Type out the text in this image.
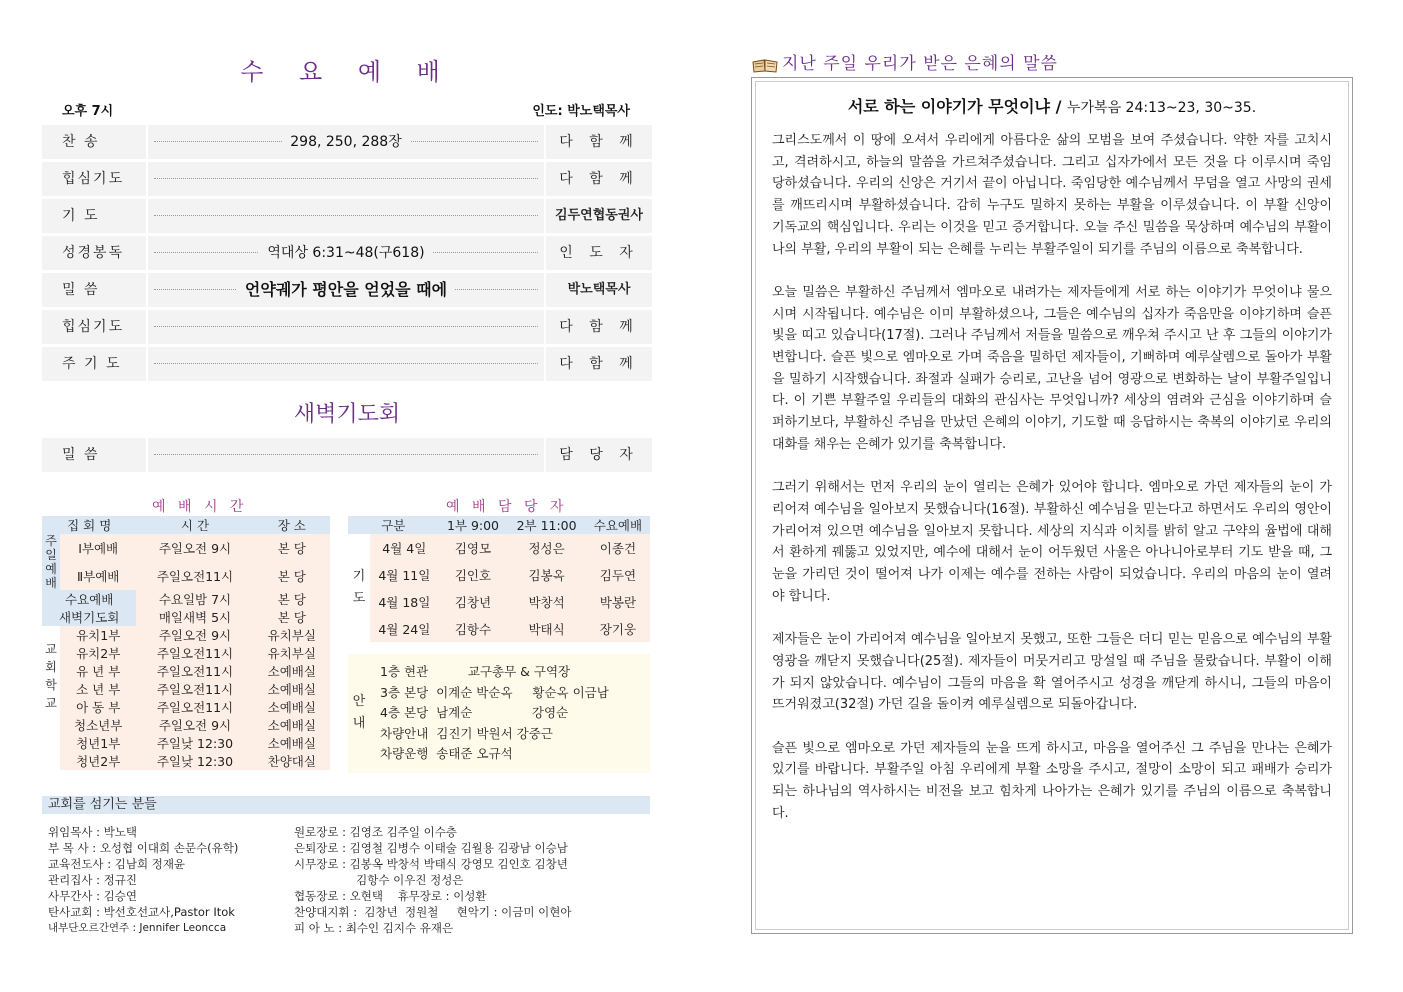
수 요 예 배
오후 7시	인도: 박노택목사
찬 송	298, 250, 288장	다 함 께
힙심기도	다 함 께
기 도	김두연협동권사
성경봉독	역대상 6:31~48(구618)	인 도 자
밀 씀	언약궤가 평안을 얻었을 때에	박노택목사
힙심기도	다 함 께
주 기 도	다 함 께
새벽기도회
밀 씀	담 당 자
예 배 시 간	예 배 담 당 자
집 회 명		시 간	장 소
주일예배	Ⅰ부예배	주일오전 9시	본 당
	Ⅱ부예배	주일오전11시	본 당
수요예배		수요일밤 7시	본 당
새벽기도회		매일새벽 5시	본 당
교회학교	유치1부	주일오전 9시	유치부실
	유치2부	주일오전11시	유치부실
	유 년 부	주일오전11시	소예배실
	소 년 부	주일오전11시	소예배실
	아 동 부	주일오전11시	소예배실
	청소년부	주일오전 9시	소예배실
	청년1부	주일낮 12:30	소예배실
	청년2부	주일낮 12:30	찬양대실
구분		1부 9:00	2부 11:00	수요예배
기도	4월 4일	김영모	정성은	이종건
	4월 11일	김인호	김봉옥	김두연
	4월 18일	김창년	박창석	박봉란
	4월 24일	김항수	박태식	장기웅

안내	1층 현관          교구총무 & 구역장
3층 본당  이계순 박순옥     황순옥 이금남
4층 본당  남계순               강영순
차량안내  김진기 박원서 강중근
차량운행  송태준 오규석			
교회를 섬기는 분들
위임목사 : 박노택
부 목 사 : 오성협 이대희 손문수(유학)
교육전도사 : 김남희 정재윤
관리집사 : 정규진
사무간사 : 김승연
탄사교회 : 박선호선교사,Pastor Itok
내부단오르간연주 : Jennifer Leoncca
원로장로 : 김영조 김주일 이수층
은퇴장로 : 김영철 김병수 이태술 김월용 김광남 이승남
시무장로 : 김봉옥 박창석 박태식 강영모 김인호 김창년
김항수 이우진 정성은
협동장로 : 오현택    휴무장로 : 이성환
찬양대지휘 :  김창년  정원철     현악기 : 이금미 이현아
피 아 노 : 최수인 김지수 유재은
지난 주일 우리가 받은 은혜의 말씀
서로 하는 이야기가 무엇이냐 / 누가복음 24:13~23, 30~35.

그리스도께서 이 땅에 오셔서 우리에게 아름다운 삶의 모범을 보여 주셨습니다. 약한 자를 고치시고, 격려하시고, 하늘의 말씀을 가르쳐주셨습니다. 그리고 십자가에서 모든 것을 다 이루시며 죽임당하셨습니다. 우리의 신앙은 거기서 끝이 아닙니다. 죽임당한 예수님께서 무덤을 열고 사망의 권세를 깨뜨리시며 부활하셨습니다. 감히 누구도 밀하지 못하는 부활을 이루셨습니다. 이 부활 신앙이 기독교의 핵심입니다. 우리는 이것을 믿고 증거합니다. 오늘 주신 밀씀을 묵상하며 예수님의 부활이 나의 부활, 우리의 부활이 되는 은혜를 누리는 부활주일이 되기를 주님의 이름으로 축복합니다.

오늘 밀씀은 부활하신 주님께서 엠마오로 내려가는 제자들에게 서로 하는 이야기가 무엇이냐 물으시며 시작됩니다. 예수님은 이미 부활하셨으나, 그들은 예수님의 십자가 죽음만을 이야기하며 슬픈 빛을 띠고 있습니다(17절). 그러나 주님께서 저들을 밀씀으로 깨우쳐 주시고 난 후 그들의 이야기가 변합니다. 슬픈 빛으로 엠마오로 가며 죽음을 밀하던 제자들이, 기뻐하며 예루살렘으로 돌아가 부활을 밀하기 시작했습니다. 좌절과 실패가 승리로, 고난을 넘어 영광으로 변화하는 날이 부활주일입니다. 이 기쁜 부활주일 우리들의 대화의 관심사는 무엇입니까? 세상의 염려와 근심을 이야기하며 슬퍼하기보다, 부활하신 주님을 만났던 은혜의 이야기, 기도할 때 응답하시는 축복의 이야기로 우리의 대화를 채우는 은혜가 있기를 축복합니다.

그러기 위해서는 먼저 우리의 눈이 열리는 은혜가 있어야 합니다. 엠마오로 가던 제자들의 눈이 가리어져 예수님을 일아보지 못했습니다(16절). 부활하신 예수님을 믿는다고 하면서도 우리의 영안이 가리어져 있으면 예수님을 일아보지 못합니다. 세상의 지식과 이치를 밝히 알고 구약의 율법에 대해서 환하게 꿰뚫고 있었지만, 예수에 대해서 눈이 어두웠던 사울은 아나니아로부터 기도 받을 때, 그 눈을 가리던 것이 떨어져 나가 이제는 예수를 전하는 사람이 되었습니다. 우리의 마음의 눈이 열려야 합니다.

제자들은 눈이 가리어져 예수님을 일아보지 못했고, 또한 그들은 더디 믿는 믿음으로 예수님의 부활 영광을 깨닫지 못했습니다(25절). 제자들이 머뭇거리고 망설일 때 주님을 물랐습니다. 부활이 이해가 되지 않았습니다. 예수님이 그들의 마음을 확 열어주시고 성경을 깨닫게 하시니, 그들의 마음이 뜨거워졌고(32절) 가던 길을 돌이켜 예루실렘으로 되돌아갑니다.

슬픈 빛으로 엠마오로 가던 제자들의 눈을 뜨게 하시고, 마음을 열어주신 그 주님을 만나는 은혜가 있기를 바랍니다. 부활주일 아침 우리에게 부활 소망을 주시고, 절망이 소망이 되고 패배가 승리가 되는 하나님의 역사하시는 비전을 보고 힘차게 나아가는 은혜가 있기를 주님의 이름으로 축복합니다.
